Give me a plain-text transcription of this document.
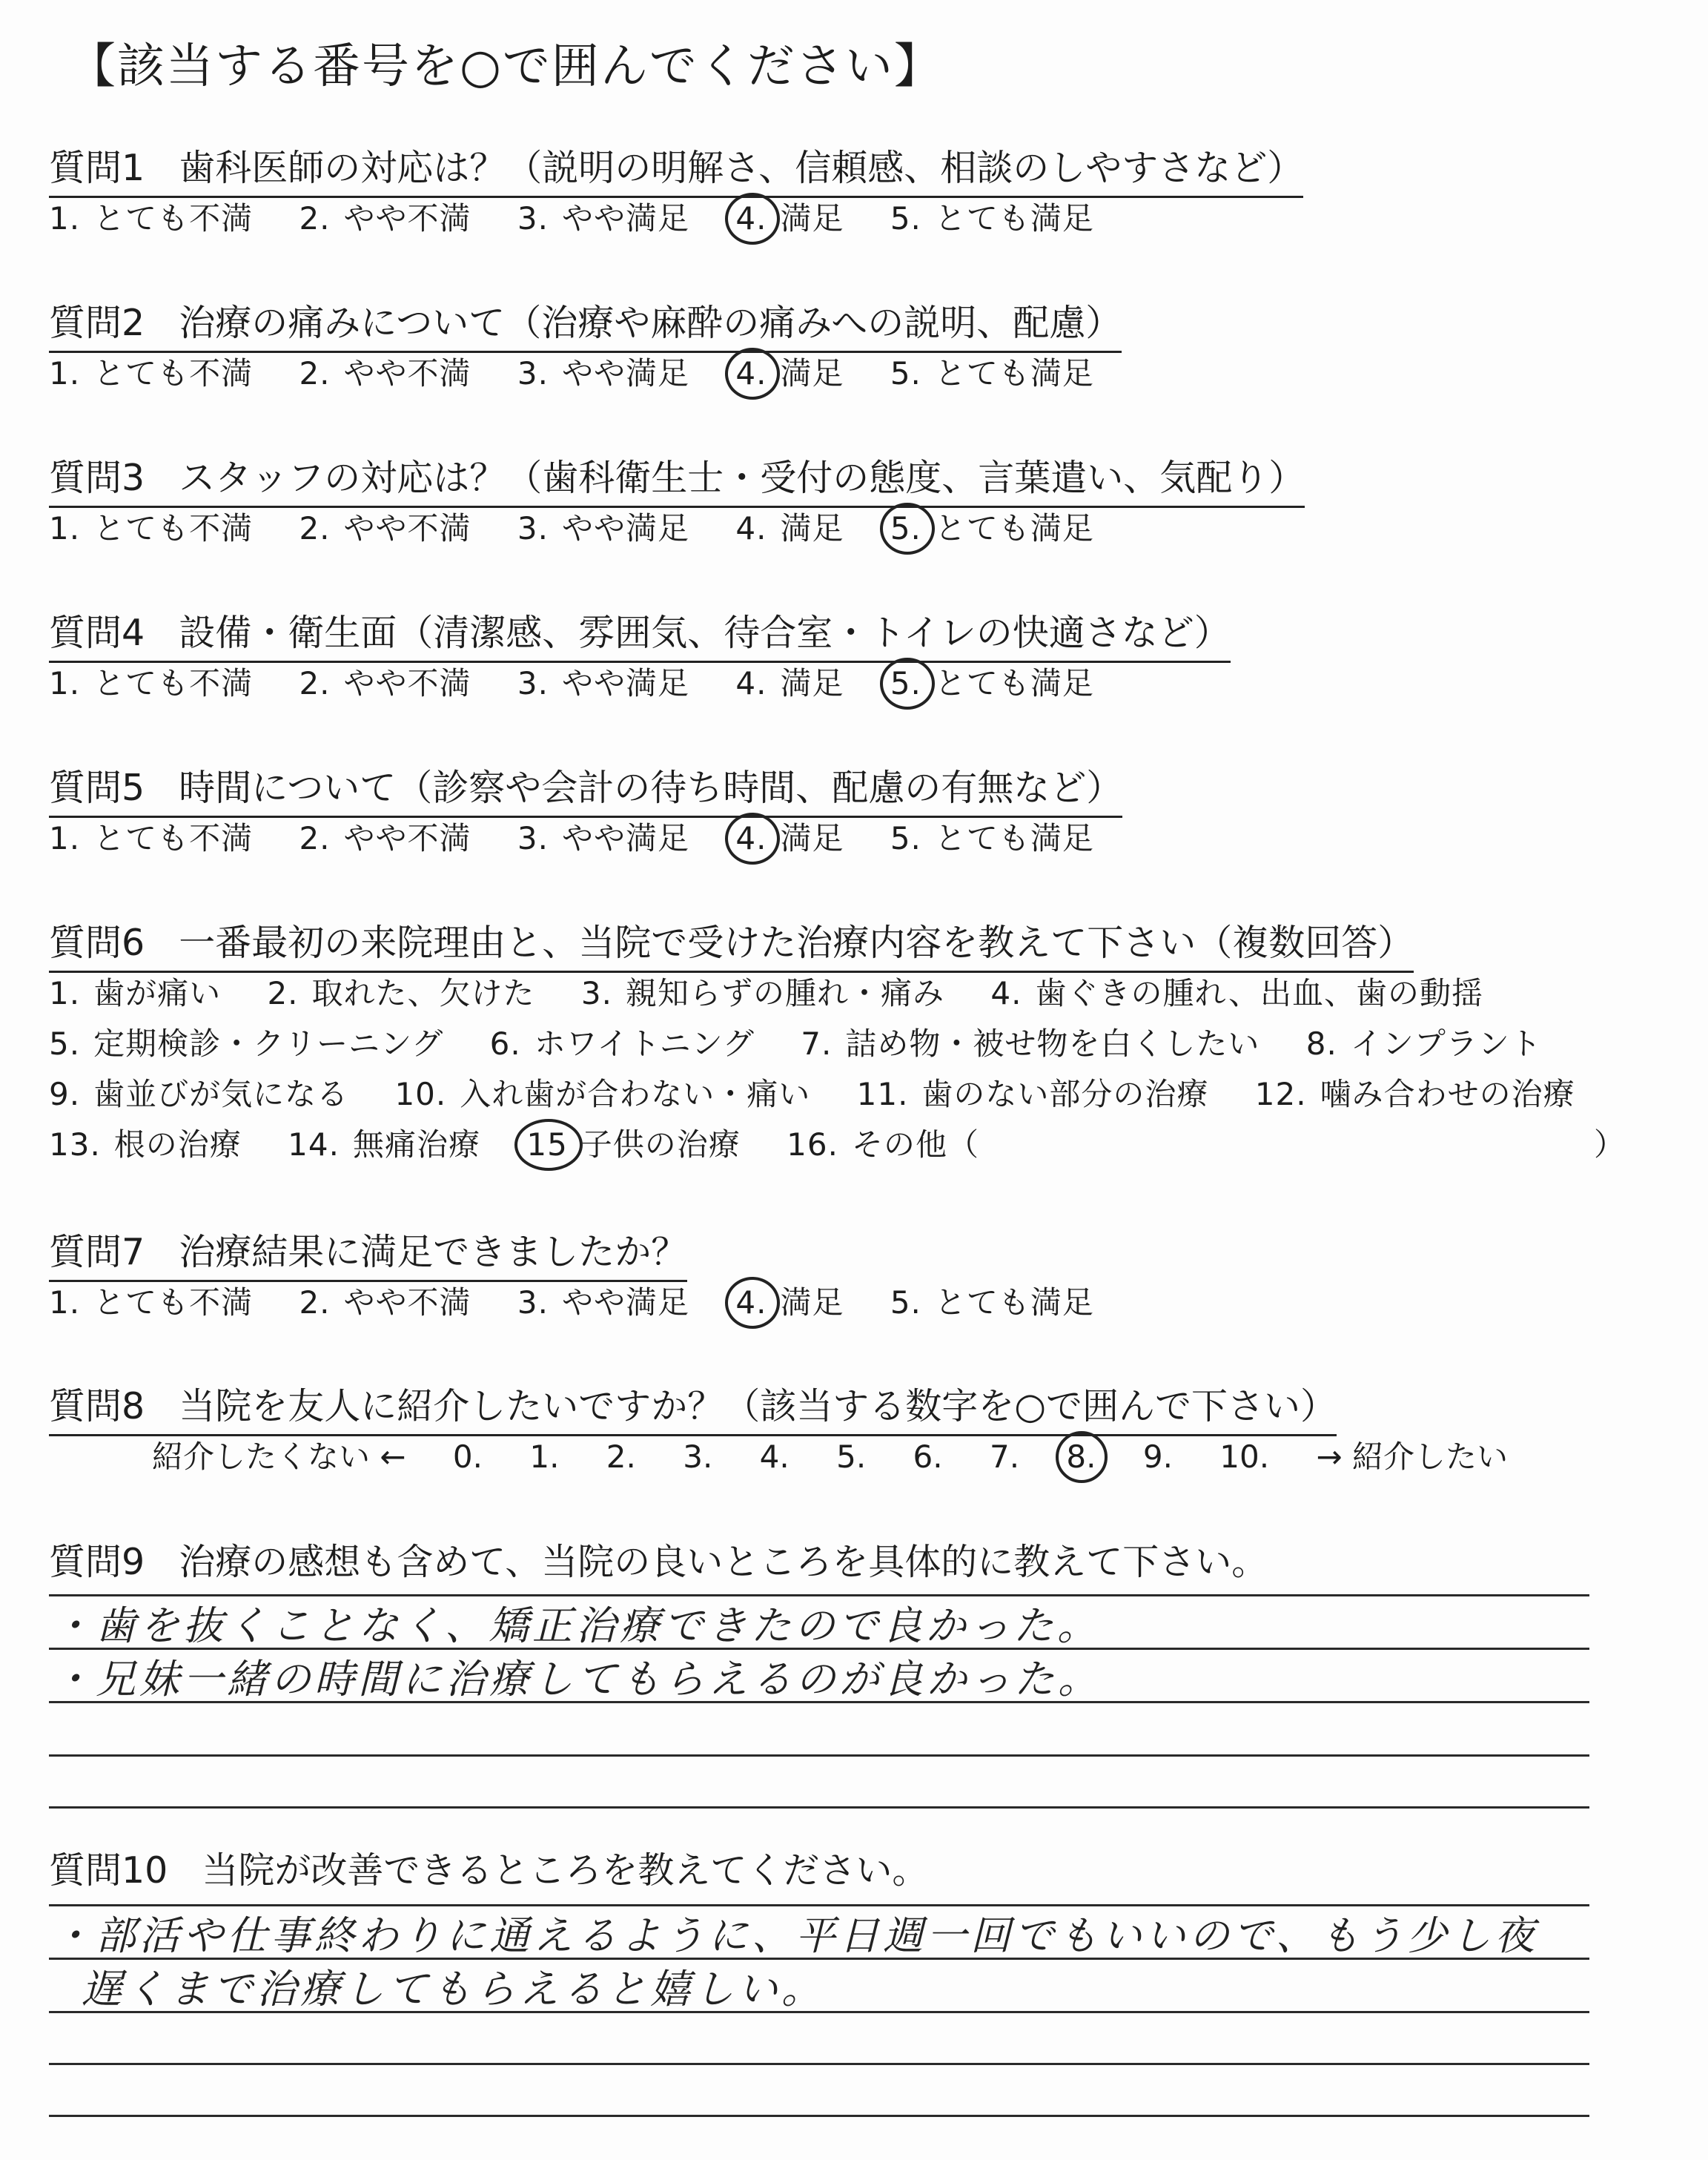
【該当する番号を○で囲んでください】
質問1 歯科医師の対応は？（説明の明解さ、信頼感、相談のしやすさなど）
1. とても不満 2. やや不満 3. やや満足 4. 満足 5. とても満足
質問2 治療の痛みについて（治療や麻酔の痛みへの説明、配慮）
1. とても不満 2. やや不満 3. やや満足 4. 満足 5. とても満足
質問3 スタッフの対応は？（歯科衛生士・受付の態度、言葉遣い、気配り）
1. とても不満 2. やや不満 3. やや満足 4. 満足 5. とても満足
質問4 設備・衛生面（清潔感、雰囲気、待合室・トイレの快適さなど）
1. とても不満 2. やや不満 3. やや満足 4. 満足 5. とても満足
質問5 時間について（診察や会計の待ち時間、配慮の有無など）
1. とても不満 2. やや不満 3. やや満足 4. 満足 5. とても満足
質問6 一番最初の来院理由と、当院で受けた治療内容を教えて下さい（複数回答）
1. 歯が痛い 2. 取れた、欠けた 3. 親知らずの腫れ・痛み 4. 歯ぐきの腫れ、出血、歯の動揺
5. 定期検診・クリーニング 6. ホワイトニング 7. 詰め物・被せ物を白くしたい 8. インプラント
9. 歯並びが気になる 10. 入れ歯が合わない・痛い 11. 歯のない部分の治療 12. 噛み合わせの治療
13. 根の治療 14. 無痛治療 15 子供の治療 16. その他（	）
質問7 治療結果に満足できましたか？
1. とても不満 2. やや不満 3. やや満足 4. 満足 5. とても満足
質問8 当院を友人に紹介したいですか？（該当する数字を○で囲んで下さい）
紹介したくない ← 0. 1. 2. 3. 4. 5. 6. 7. 8. 9. 10. → 紹介したい
質問9 治療の感想も含めて、当院の良いところを具体的に教えて下さい。
・歯を抜くことなく、矯正治療できたので良かった。
・兄妹一緒の時間に治療してもらえるのが良かった。
質問10 当院が改善できるところを教えてください。
・部活や仕事終わりに通えるように、平日週一回でもいいので、もう少し夜
遅くまで治療してもらえると嬉しい。
